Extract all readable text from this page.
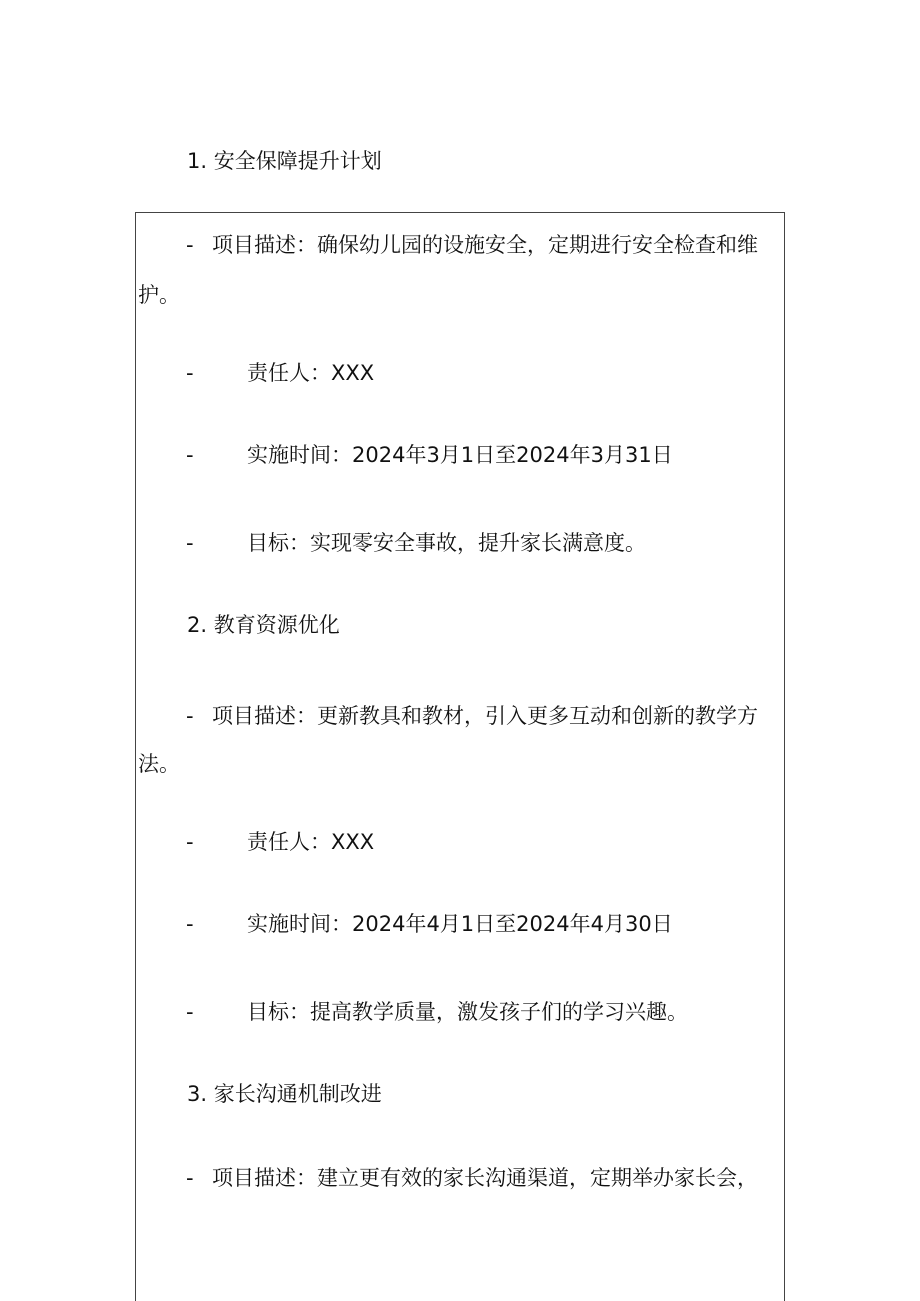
1. 安全保障提升计划
- 项目描述：确保幼儿园的设施安全，定期进行安全检查和维
护。
-	责任人：XXX
-	实施时间：2024年3月1日至2024年3月31日
-	目标：实现零安全事故，提升家长满意度。
2. 教育资源优化
- 项目描述：更新教具和教材，引入更多互动和创新的教学方
法。
-	责任人：XXX
-	实施时间：2024年4月1日至2024年4月30日
-	目标：提高教学质量，激发孩子们的学习兴趣。
3. 家长沟通机制改进
- 项目描述：建立更有效的家长沟通渠道，定期举办家长会，
